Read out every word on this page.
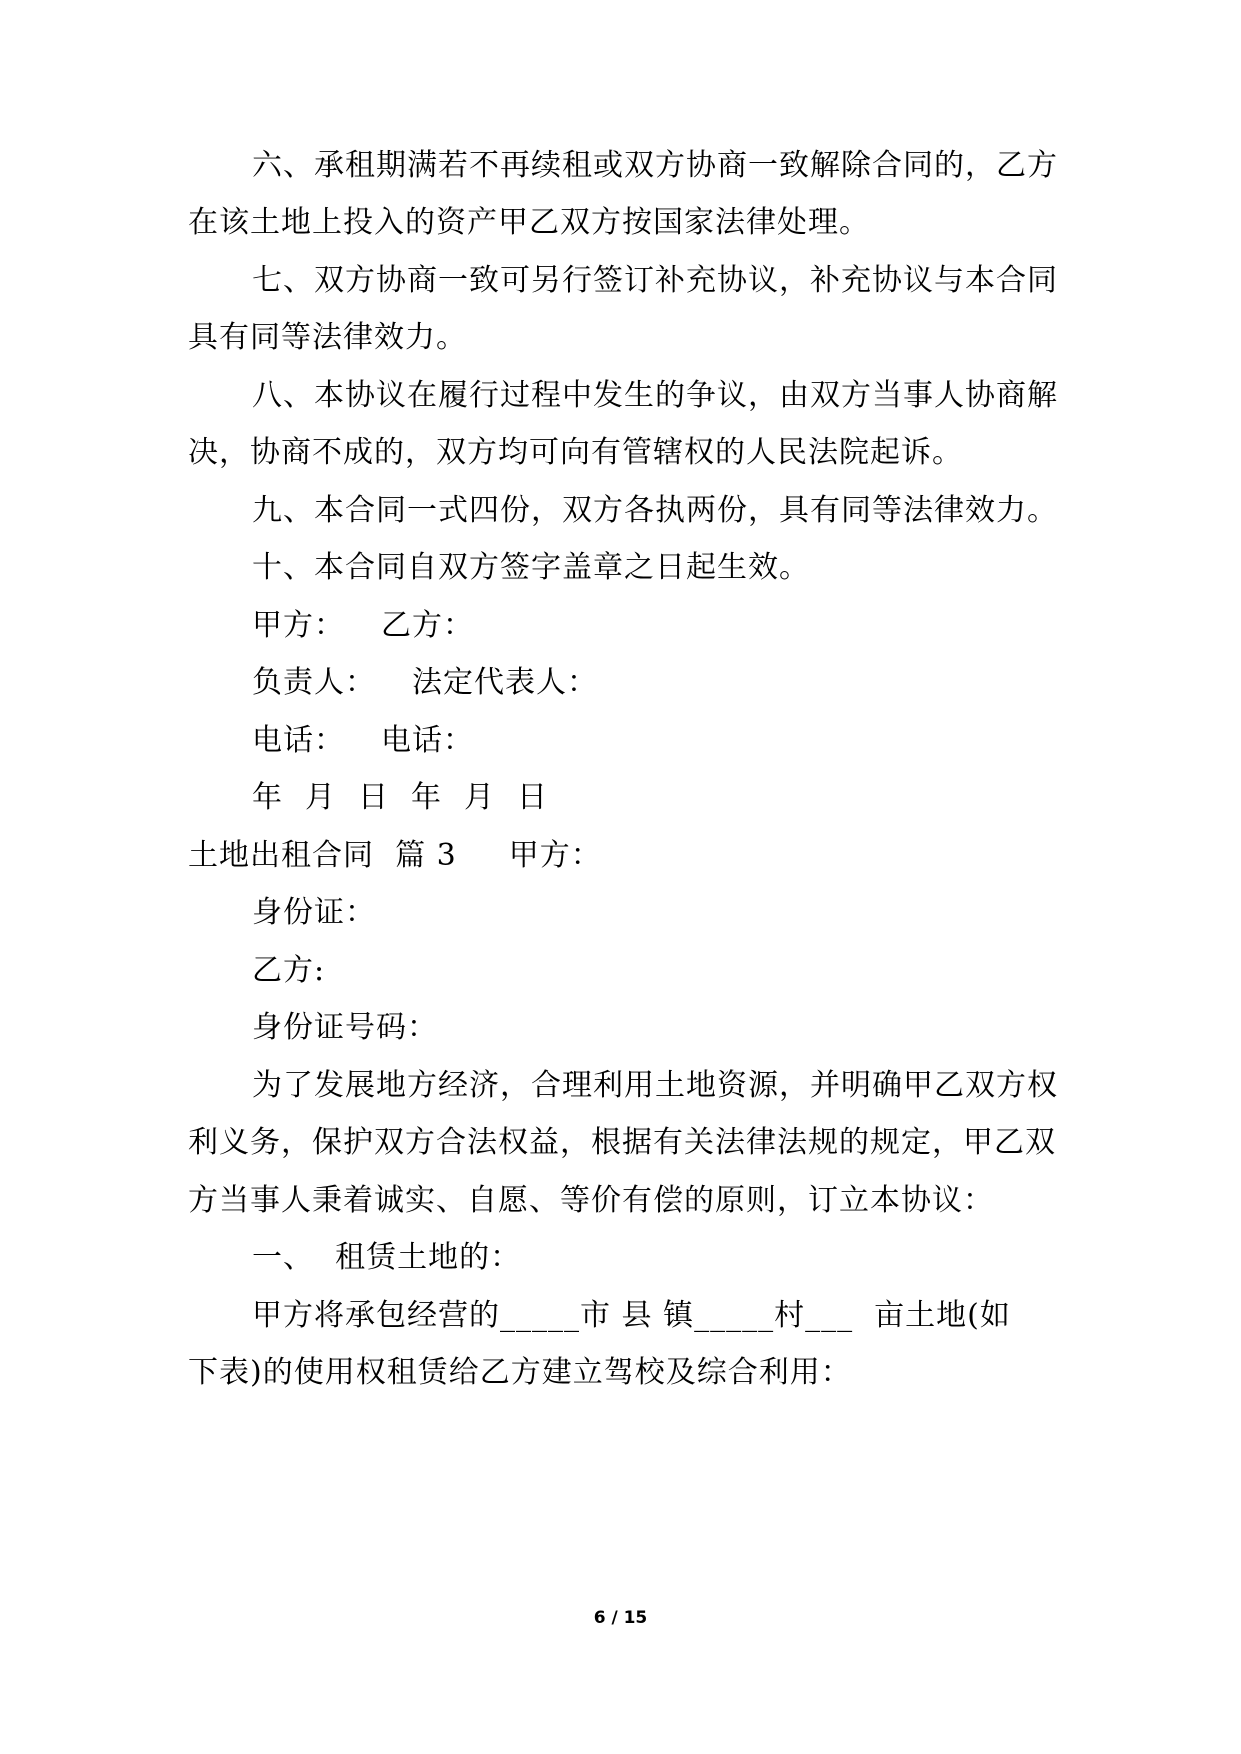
六、承租期满若不再续租或双方协商一致解除合同的，乙方
在该土地上投入的资产甲乙双方按国家法律处理。
七、双方协商一致可另行签订补充协议，补充协议与本合同
具有同等法律效力。
八、本协议在履行过程中发生的争议，由双方当事人协商解
决，协商不成的，双方均可向有管辖权的人民法院起诉。
九、本合同一式四份，双方各执两份，具有同等法律效力。
十、本合同自双方签字盖章之日起生效。
甲方： 乙方：
负责人： 法定代表人：
电话： 电话：
年 月 日 年 月 日
土地出租合同  篇 3 甲方：
身份证：
乙方:
身份证号码：
为了发展地方经济，合理利用土地资源，并明确甲乙双方权
利义务，保护双方合法权益，根据有关法律法规的规定，甲乙双
方当事人秉着诚实、自愿、等价有偿的原则，订立本协议：
一、  租赁土地的：
甲方将承包经营的_____市 县 镇_____村___  亩土地(如
下表)的使用权租赁给乙方建立驾校及综合利用：
6 / 15
